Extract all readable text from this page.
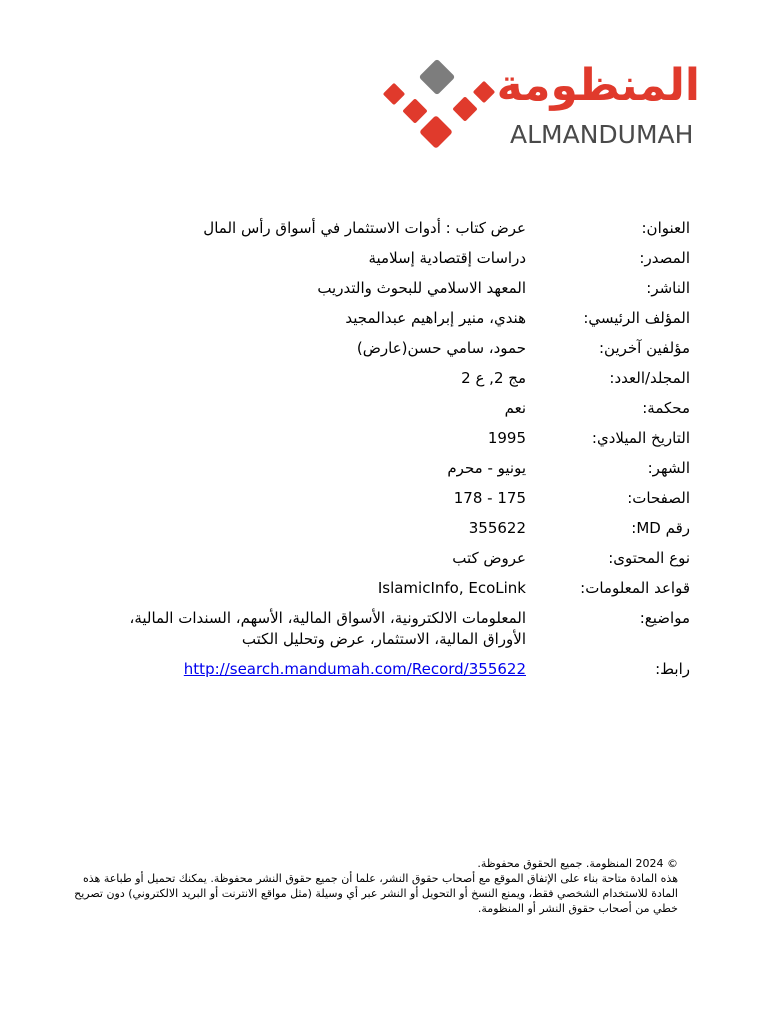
المنظومة
ALMANDUMAH
العنوان:
عرض كتاب : أدوات الاستثمار في أسواق رأس المال
المصدر:
دراسات إقتصادية إسلامية
الناشر:
المعهد الاسلامي للبحوث والتدريب
المؤلف الرئيسي:
هندي، منير إبراهيم عبدالمجيد
مؤلفين آخرين:
حمود، سامي حسن(عارض)
المجلد/العدد:
مج 2, ع 2
محكمة:
نعم
التاريخ الميلادي:
1995
الشهر:
يونيو - محرم
الصفحات:
175 - 178
رقم MD:
355622
نوع المحتوى:
عروض كتب
قواعد المعلومات:
IslamicInfo, EcoLink
مواضيع:
المعلومات الالكترونية، الأسواق المالية، الأسهم، السندات المالية، الأوراق المالية، الاستثمار، عرض وتحليل الكتب
رابط:
http://search.mandumah.com/Record/355622

© 2024 المنظومة. جميع الحقوق محفوظة.

هذه المادة متاحة بناء على الإتفاق الموقع مع أصحاب حقوق النشر، علما أن جميع حقوق النشر محفوظة. يمكنك تحميل أو طباعة هذه المادة للاستخدام الشخصي فقط، ويمنع النسخ أو التحويل أو النشر عبر أي وسيلة (مثل مواقع الانترنت أو البريد الالكتروني) دون تصريح خطي من أصحاب حقوق النشر أو المنظومة.
